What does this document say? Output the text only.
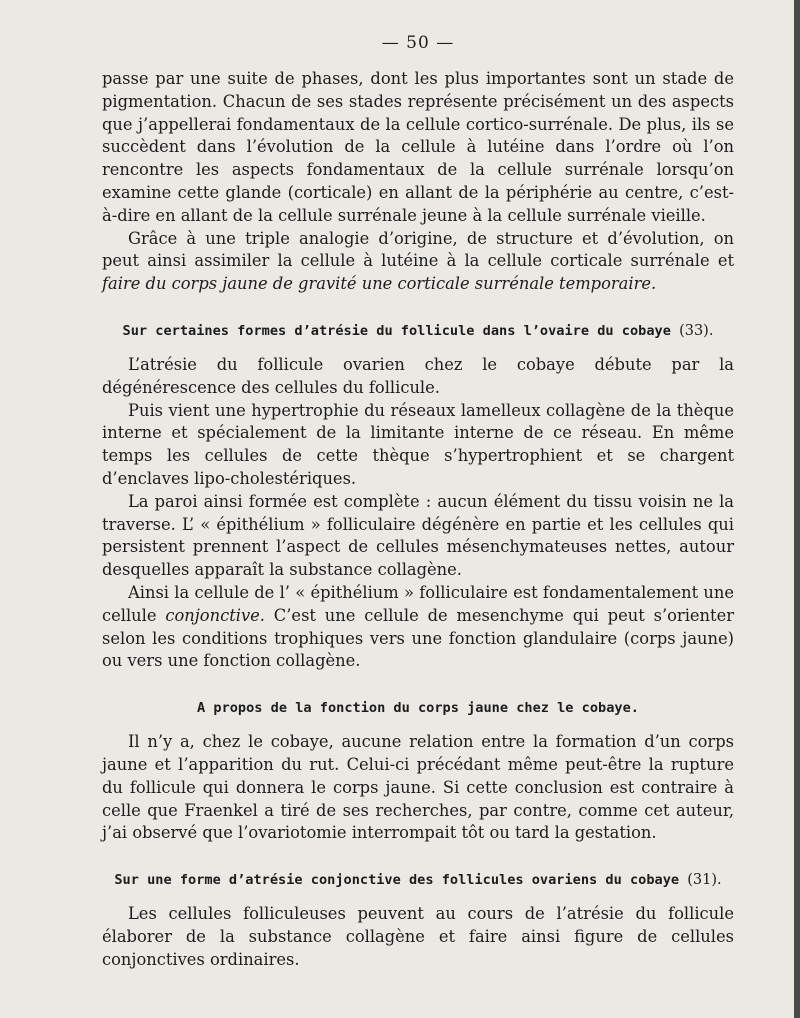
— 50 —

passe par une suite de phases, dont les plus importantes sont un stade de pigmentation. Chacun de ses stades représente précisément un des aspects que j’appellerai fondamentaux de la cellule cortico-surrénale. De plus, ils se succèdent dans l’évolution de la cellule à lutéine dans l’ordre où l’on rencontre les aspects fondamentaux de la cellule surrénale lorsqu’on examine cette glande (corticale) en allant de la périphérie au centre, c’est-à-dire en allant de la cellule surrénale jeune à la cellule surrénale vieille.

Grâce à une triple analogie d’origine, de structure et d’évolution, on peut ainsi assimiler la cellule à lutéine à la cellule corticale surrénale et faire du corps jaune de gravité une corticale surrénale temporaire.

Sur certaines formes d’atrésie du follicule dans l’ovaire du cobaye (33).

L’atrésie du follicule ovarien chez le cobaye débute par la dégénérescence des cellules du follicule.

Puis vient une hypertrophie du réseaux lamelleux collagène de la thèque interne et spécialement de la limitante interne de ce réseau. En même temps les cellules de cette thèque s’hypertrophient et se chargent d’enclaves lipo-cholestériques.

La paroi ainsi formée est complète : aucun élément du tissu voisin ne la traverse. L’ « épithélium » folliculaire dégénère en partie et les cellules qui persistent prennent l’aspect de cellules mésenchymateuses nettes, autour desquelles apparaît la substance collagène.

Ainsi la cellule de l’ « épithélium » folliculaire est fondamentalement une cellule conjonctive. C’est une cellule de mesenchyme qui peut s’orienter selon les conditions trophiques vers une fonction glandulaire (corps jaune) ou vers une fonction collagène.

A propos de la fonction du corps jaune chez le cobaye.

Il n’y a, chez le cobaye, aucune relation entre la formation d’un corps jaune et l’apparition du rut. Celui-ci précédant même peut-être la rupture du follicule qui donnera le corps jaune. Si cette conclusion est contraire à celle que Fraenkel a tiré de ses recherches, par contre, comme cet auteur, j’ai observé que l’ovariotomie interrompait tôt ou tard la gestation.

Sur une forme d’atrésie conjonctive des follicules ovariens du cobaye (31).

Les cellules folliculeuses peuvent au cours de l’atrésie du follicule élaborer de la substance collagène et faire ainsi figure de cellules conjonctives ordinaires.
